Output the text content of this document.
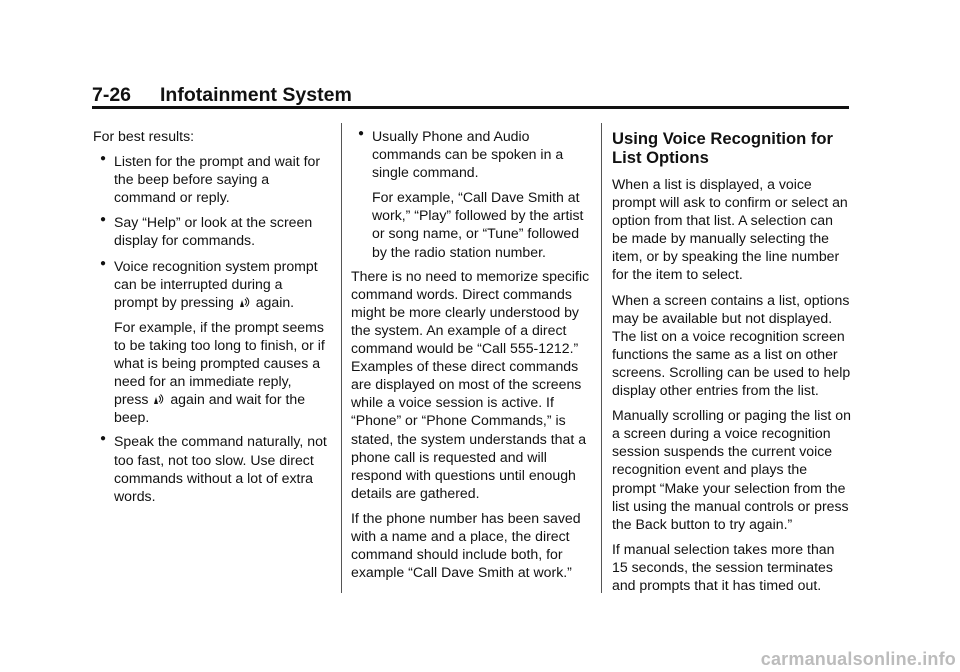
7-26 Infotainment System

For best results:

● Listen for the prompt and wait for the beep before saying a command or reply.
● Say “Help” or look at the screen display for commands.
● Voice recognition system prompt can be interrupted during a prompt by pressing again.
For example, if the prompt seems to be taking too long to finish, or if what is being prompted causes a need for an immediate reply, press again and wait for the beep.
● Speak the command naturally, not too fast, not too slow. Use direct commands without a lot of extra words.
● Usually Phone and Audio commands can be spoken in a single command.
For example, “Call Dave Smith at work,” “Play” followed by the artist or song name, or “Tune” followed by the radio station number.

There is no need to memorize specific command words. Direct commands might be more clearly understood by the system. An example of a direct command would be “Call 555-1212.” Examples of these direct commands are displayed on most of the screens while a voice session is active. If “Phone” or “Phone Commands,” is stated, the system understands that a phone call is requested and will respond with questions until enough details are gathered.

If the phone number has been saved with a name and a place, the direct command should include both, for example “Call Dave Smith at work.”

Using Voice Recognition for List Options

When a list is displayed, a voice prompt will ask to confirm or select an option from that list. A selection can be made by manually selecting the item, or by speaking the line number for the item to select.

When a screen contains a list, options may be available but not displayed. The list on a voice recognition screen functions the same as a list on other screens. Scrolling can be used to help display other entries from the list.

Manually scrolling or paging the list on a screen during a voice recognition session suspends the current voice recognition event and plays the prompt “Make your selection from the list using the manual controls or press the Back button to try again.”

If manual selection takes more than 15 seconds, the session terminates and prompts that it has timed out.

carmanualsonline.info
